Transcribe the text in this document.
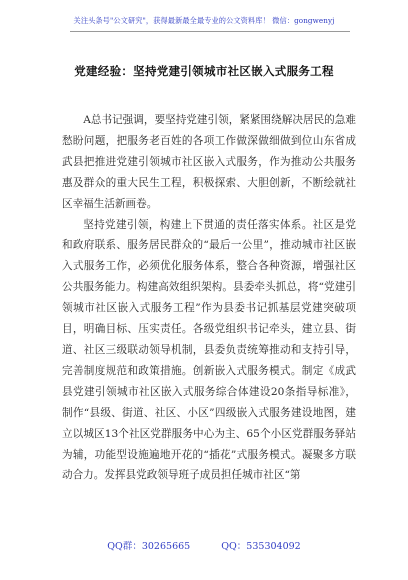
关注头条号"公文研究"，获得最新最全最专业的公文资料库！ 微信：gongwenyj
党建经验：坚持党建引领城市社区嵌入式服务工程

A总书记强调，要坚持党建引领，紧紧围绕解决居民的急难愁盼问题，把服务老百姓的各项工作做深做细做到位山东省成武县把推进党建引领城市社区嵌入式服务，作为推动公共服务惠及群众的重大民生工程，积极探索、大胆创新，不断绘就社区幸福生活新画卷。

坚持党建引领，构建上下贯通的责任落实体系。社区是党和政府联系、服务居民群众的“最后一公里”，推动城市社区嵌入式服务工作，必须优化服务体系，整合各种资源，增强社区公共服务能力。构建高效组织架构。县委牵头抓总，将“党建引领城市社区嵌入式服务工程”作为县委书记抓基层党建突破项目，明确目标、压实责任。各级党组织书记牵头，建立县、街道、社区三级联动领导机制，县委负责统筹推动和支持引导，完善制度规范和政策措施。创新嵌入式服务模式。制定《成武县党建引领城市社区嵌入式服务综合体建设20条指导标准》，制作“县级、街道、社区、小区”四级嵌入式服务建设地图，建立以城区13个社区党群服务中心为主、65个小区党群服务驿站为辅，功能型设施遍地开花的“插花”式服务模式。凝聚多方联动合力。发挥县党政领导班子成员担任城市社区“第

QQ群：30265665	QQ：535304092
